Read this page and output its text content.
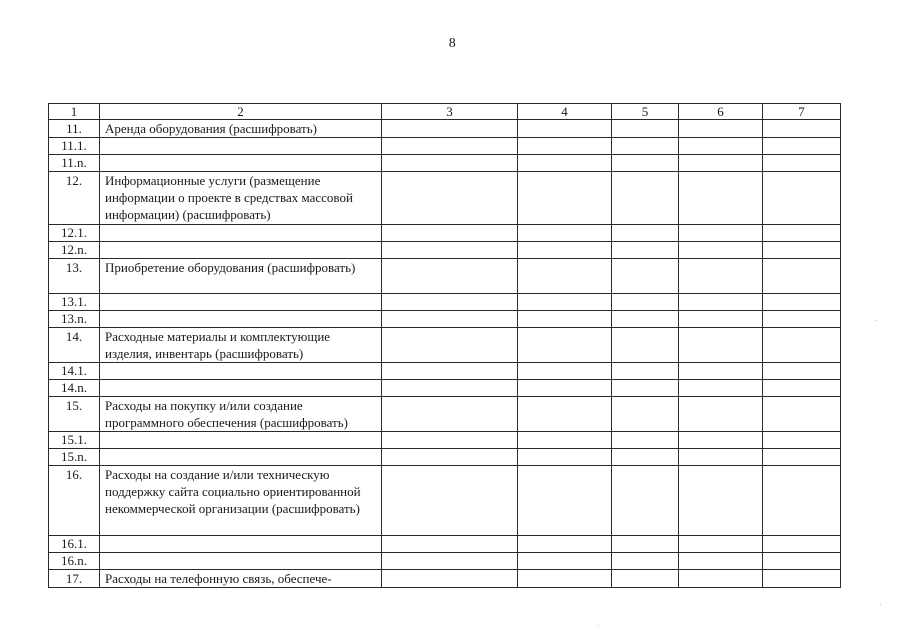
8
1	2	3	4	5	6	7
11.	Аренда оборудования (расшифровать)					

11.1.						
11.n.						
12.	Информационные услуги (размещение информации о проекте в средствах массовой информации) (расшифровать)					

12.1.						
12.n.						
13.	Приобретение оборудования (расшифровать)					

13.1.						
13.n.						
14.	Расходные материалы и комплектующие изделия, инвентарь (расшифровать)					

14.1.						
14.n.						
15.	Расходы на покупку и/или создание программного обеспечения (расшифровать)					

15.1.						
15.n.						
16.	Расходы на создание и/или техническую поддержку сайта социально ориентированной некоммерческой организации (расшифровать)					

16.1.						
16.n.						
17.	Расходы на телефонную связь, обеспече-					
